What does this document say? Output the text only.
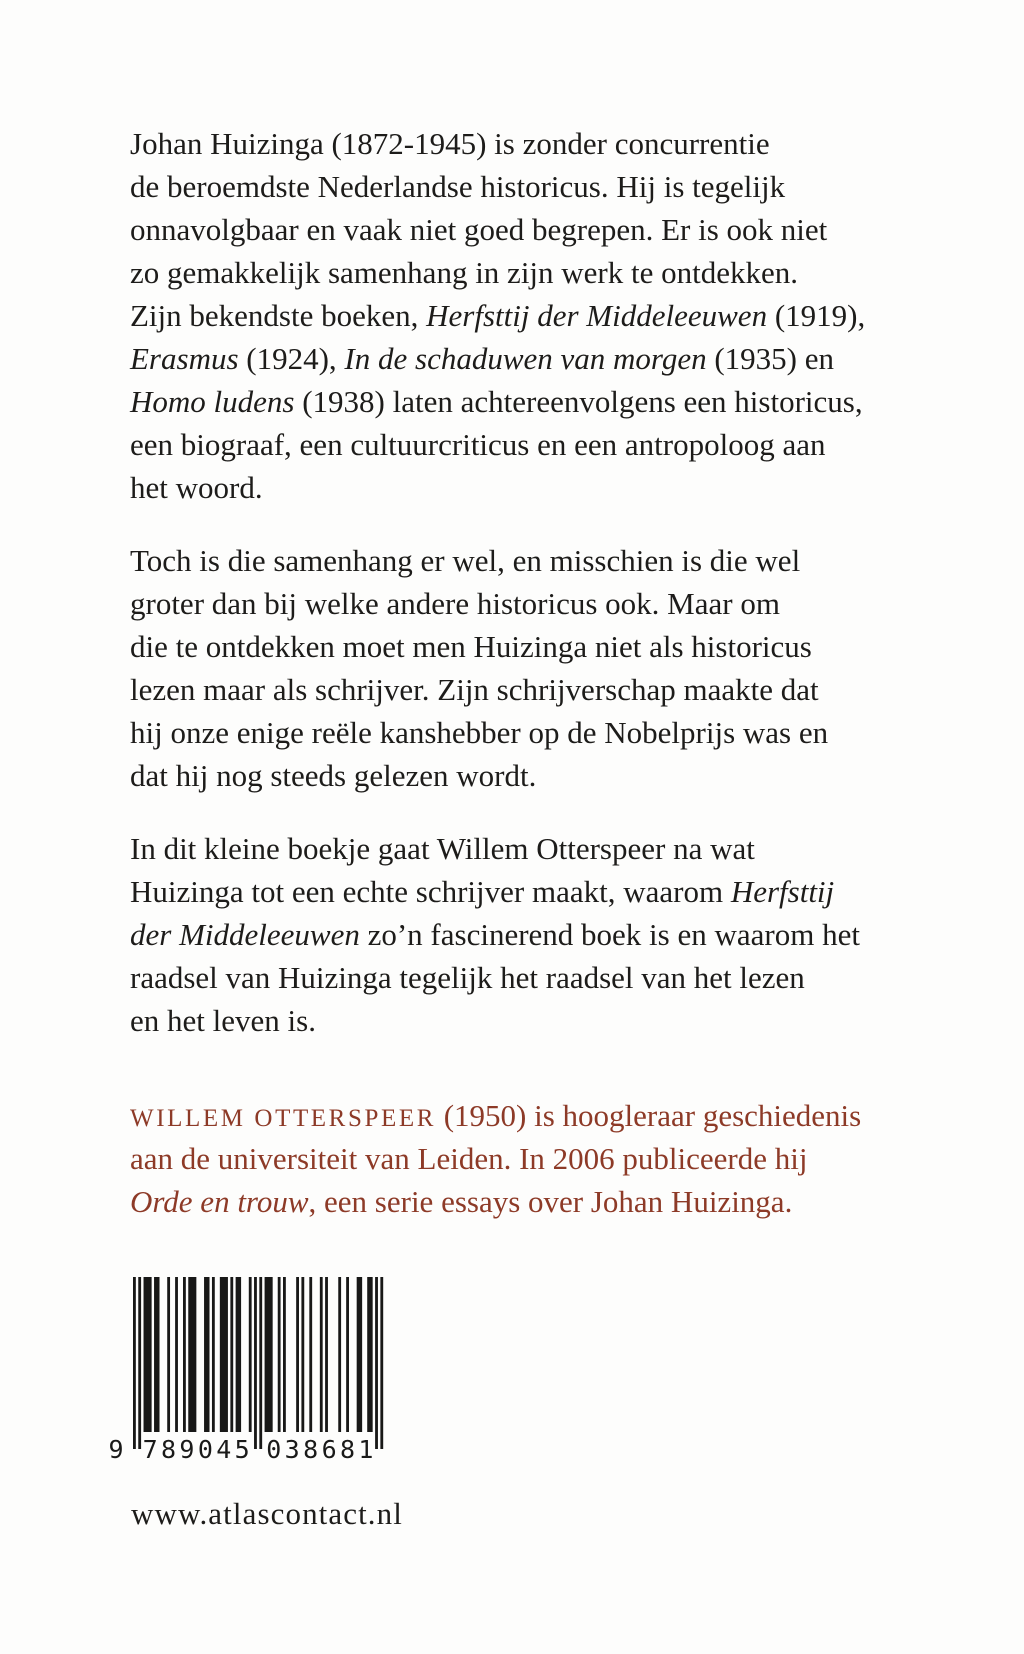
Johan Huizinga (1872-1945) is zonder concurrentie
de beroemdste Nederlandse historicus. Hij is tegelijk
onnavolgbaar en vaak niet goed begrepen. Er is ook niet
zo gemakkelijk samenhang in zijn werk te ontdekken.
Zijn bekendste boeken, Herfsttij der Middeleeuwen (1919),
Erasmus (1924), In de schaduwen van morgen (1935) en
Homo ludens (1938) laten achtereenvolgens een historicus,
een biograaf, een cultuurcriticus en een antropoloog aan
het woord.
Toch is die samenhang er wel, en misschien is die wel
groter dan bij welke andere historicus ook. Maar om
die te ontdekken moet men Huizinga niet als historicus
lezen maar als schrijver. Zijn schrijverschap maakte dat
hij onze enige reële kanshebber op de Nobelprijs was en
dat hij nog steeds gelezen wordt.
In dit kleine boekje gaat Willem Otterspeer na wat
Huizinga tot een echte schrijver maakt, waarom Herfsttij
der Middeleeuwen zo’n fascinerend boek is en waarom het
raadsel van Huizinga tegelijk het raadsel van het lezen
en het leven is.
WILLEM OTTERSPEER (1950) is hoogleraar geschiedenis
aan de universiteit van Leiden. In 2006 publiceerde hij
Orde en trouw, een serie essays over Johan Huizinga.
9 7 8 9 0 4 5 0 3 8 6 8 1
www.atlascontact.nl
